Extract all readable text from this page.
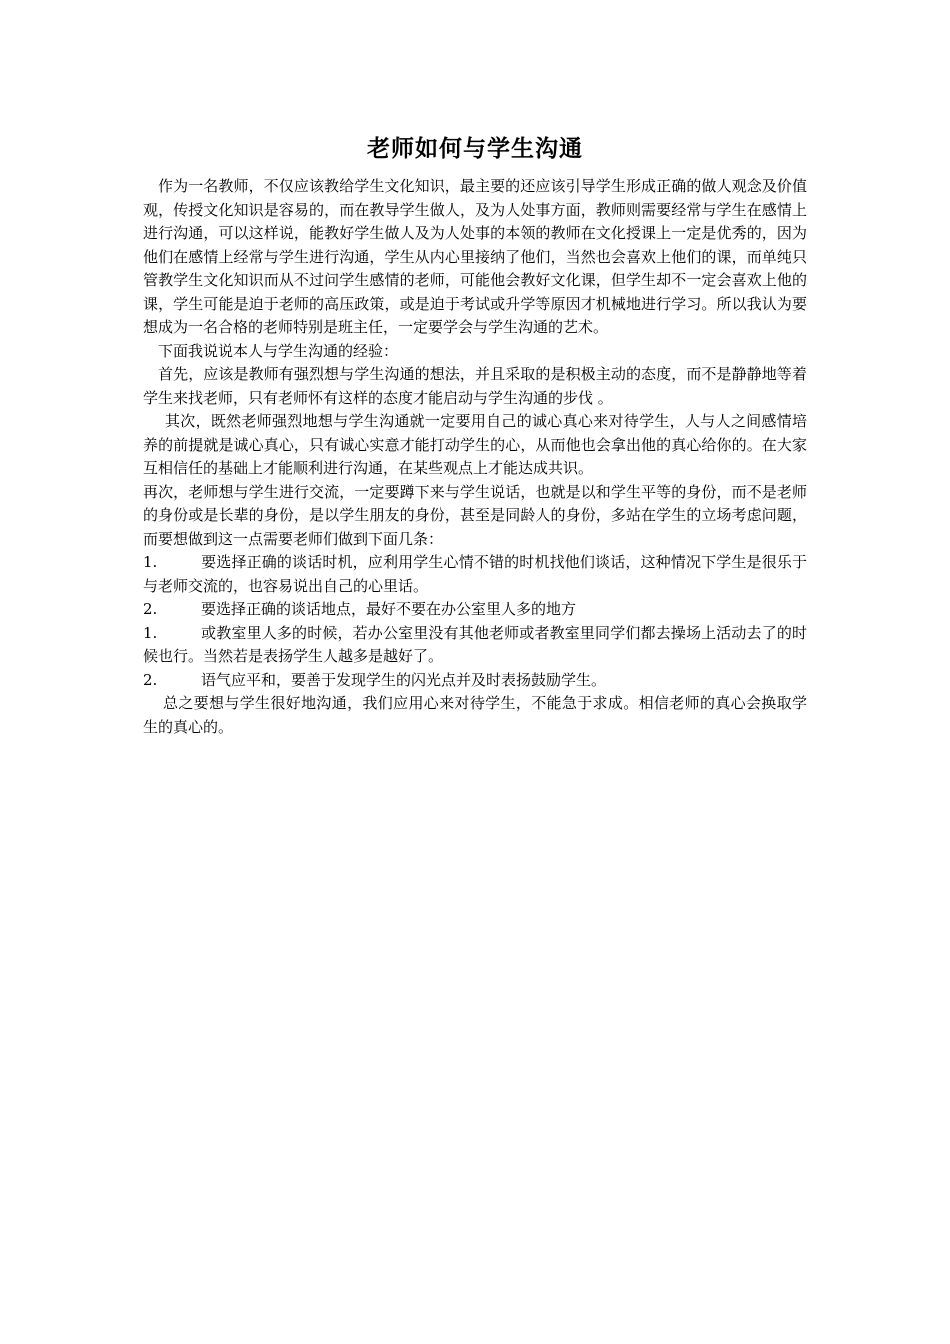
老师如何与学生沟通

作为一名教师，不仅应该教给学生文化知识，最主要的还应该引导学生形成正确的做人观念及价值观，传授文化知识是容易的，而在教导学生做人，及为人处事方面，教师则需要经常与学生在感情上进行沟通，可以这样说，能教好学生做人及为人处事的本领的教师在文化授课上一定是优秀的，因为他们在感情上经常与学生进行沟通，学生从内心里接纳了他们，当然也会喜欢上他们的课，而单纯只管教学生文化知识而从不过问学生感情的老师，可能他会教好文化课，但学生却不一定会喜欢上他的课，学生可能是迫于老师的高压政策，或是迫于考试或升学等原因才机械地进行学习。所以我认为要想成为一名合格的老师特别是班主任，一定要学会与学生沟通的艺术。

下面我说说本人与学生沟通的经验：

首先，应该是教师有强烈想与学生沟通的想法，并且采取的是积极主动的态度，而不是静静地等着学生来找老师，只有老师怀有这样的态度才能启动与学生沟通的步伐 。

其次，既然老师强烈地想与学生沟通就一定要用自己的诚心真心来对待学生，人与人之间感情培养的前提就是诚心真心，只有诚心实意才能打动学生的心，从而他也会拿出他的真心给你的。在大家互相信任的基础上才能顺利进行沟通，在某些观点上才能达成共识。

再次，老师想与学生进行交流，一定要蹲下来与学生说话，也就是以和学生平等的身份，而不是老师的身份或是长辈的身份，是以学生朋友的身份，甚至是同龄人的身份，多站在学生的立场考虑问题，而要想做到这一点需要老师们做到下面几条：

1.	要选择正确的谈话时机，应利用学生心情不错的时机找他们谈话，这种情况下学生是很乐于与老师交流的，也容易说出自己的心里话。

2.	要选择正确的谈话地点，最好不要在办公室里人多的地方

1.	或教室里人多的时候，若办公室里没有其他老师或者教室里同学们都去操场上活动去了的时候也行。当然若是表扬学生人越多是越好了。

2.	语气应平和，要善于发现学生的闪光点并及时表扬鼓励学生。

总之要想与学生很好地沟通，我们应用心来对待学生，不能急于求成。相信老师的真心会换取学生的真心的。
